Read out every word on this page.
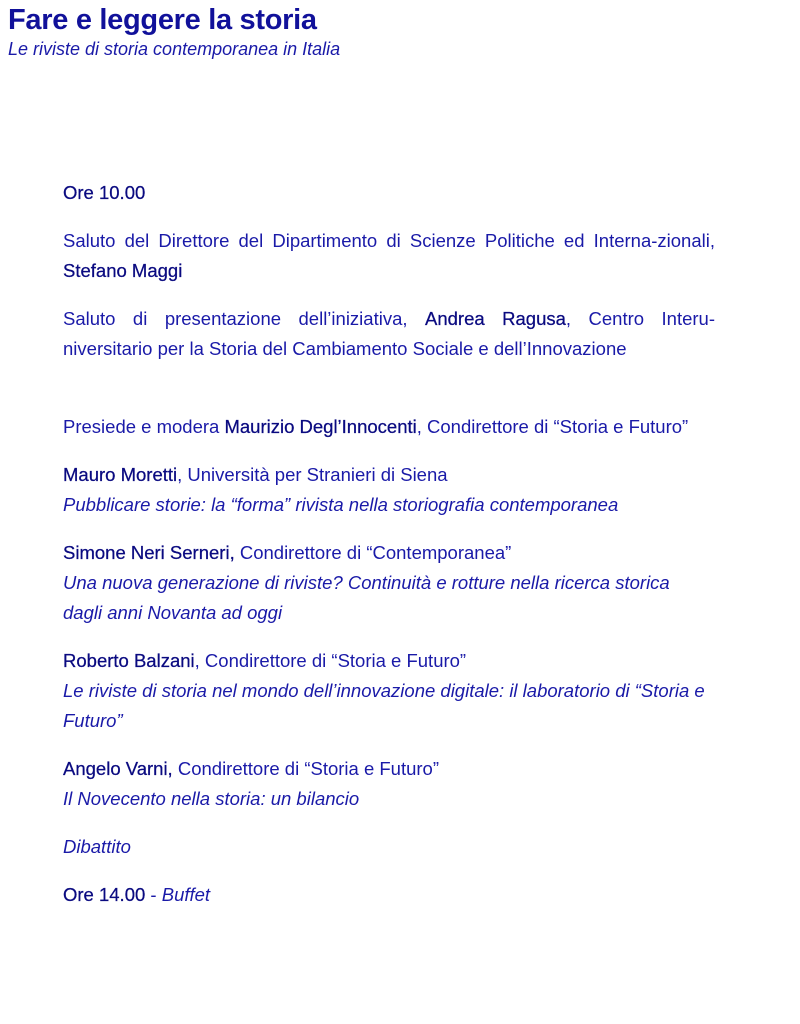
Fare e leggere la storia

Le riviste di storia contemporanea in Italia

Ore 10.00

Saluto del Direttore del Dipartimento di Scienze Politiche ed Interna-zionali, Stefano Maggi

Saluto di presentazione dell’iniziativa, Andrea Ragusa, Centro Interu-niversitario per la Storia del Cambiamento Sociale e dell’Innovazione

Presiede e modera Maurizio Degl’Innocenti, Condirettore di “Storia e Futuro”

Mauro Moretti, Università per Stranieri di Siena
Pubblicare storie: la “forma” rivista nella storiografia contemporanea
Simone Neri Serneri, Condirettore di “Contemporanea”
Una nuova generazione di riviste? Continuità e rotture nella ricerca storica dagli anni Novanta ad oggi
Roberto Balzani, Condirettore di “Storia e Futuro”
Le riviste di storia nel mondo dell’innovazione digitale: il laboratorio di “Storia e Futuro”
Angelo Varni, Condirettore di “Storia e Futuro”
Il Novecento nella storia: un bilancio

Dibattito

Ore 14.00 - Buffet
